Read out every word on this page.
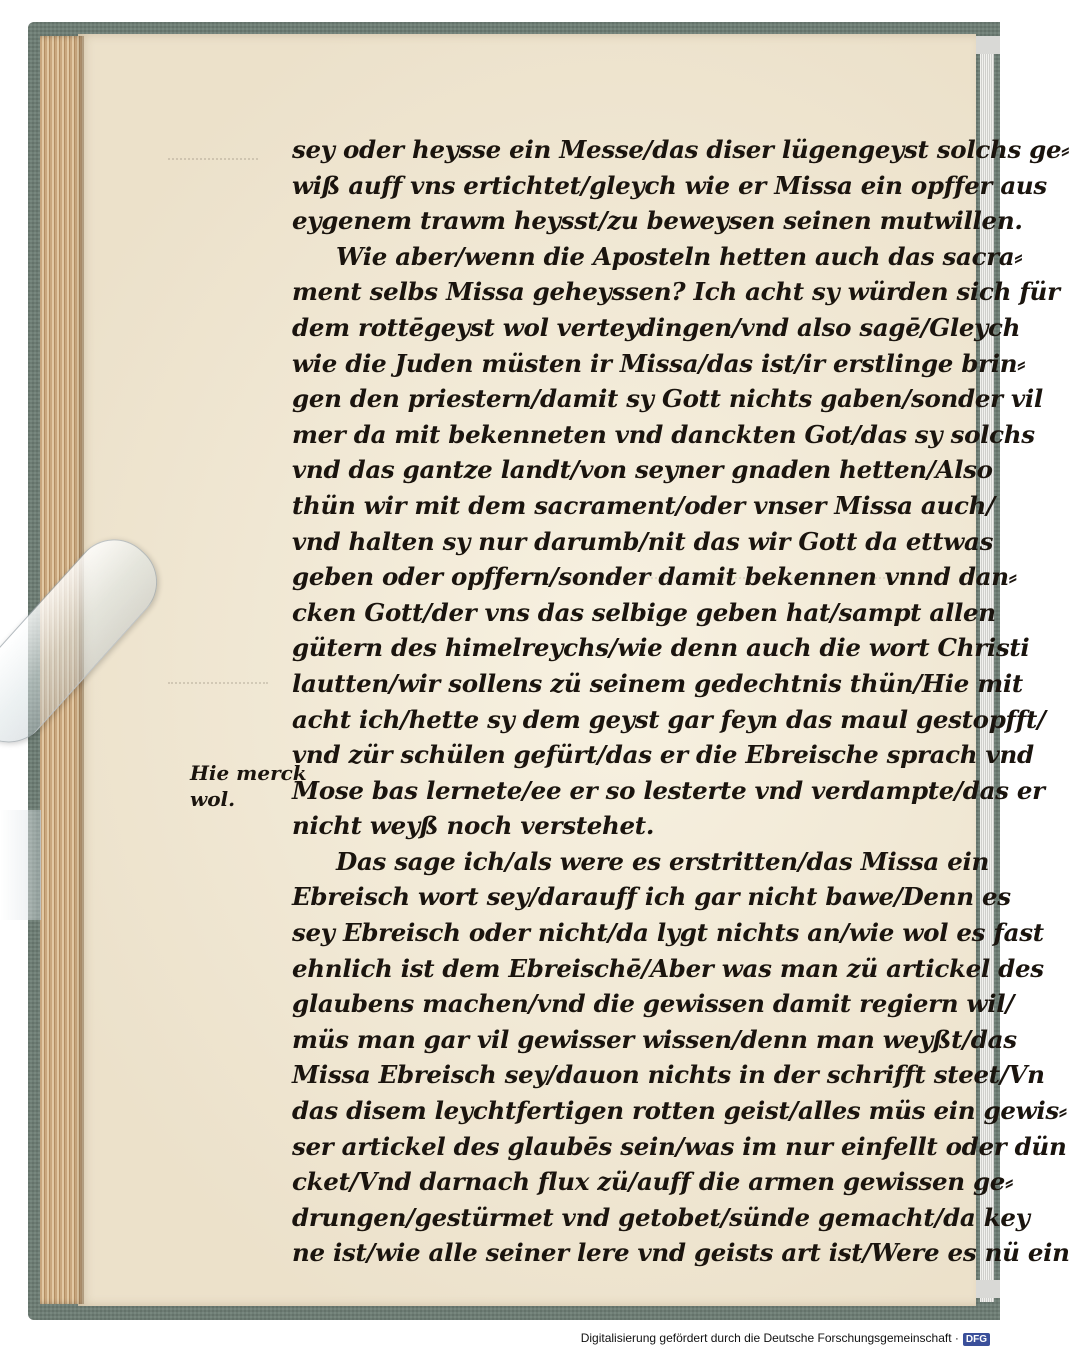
sey oder heysse ein Messe/das diser lügengeyst solchs ge⸗
wiß auff vns ertichtet/gleych wie er Missa ein opffer aus
eygenem trawm heysst/zu beweysen seinen mutwillen.
Wie aber/wenn die Aposteln hetten auch das sacra⸗
ment selbs Missa geheyssen? Ich acht sy würden sich für
dem rottēgeyst wol verteydingen/vnd also sagē/Gleych
wie die Juden müsten ir Missa/das ist/ir erstlinge brin⸗
gen den priestern/damit sy Gott nichts gaben/sonder vil
mer da mit bekenneten vnd danckten Got/das sy solchs
vnd das gantze landt/von seyner gnaden hetten/Also
thün wir mit dem sacrament/oder vnser Missa auch/
vnd halten sy nur darumb/nit das wir Gott da ettwas
geben oder opffern/sonder damit bekennen vnnd dan⸗
cken Gott/der vns das selbige geben hat/sampt allen
gütern des himelreychs/wie denn auch die wort Christi
lautten/wir sollens zü seinem gedechtnis thün/Hie mit
acht ich/hette sy dem geyst gar feyn das maul gestopfft/
vnd zür schülen gefürt/das er die Ebreische sprach vnd
Mose bas lernete/ee er so lesterte vnd verdampte/das er
nicht weyß noch verstehet.
Das sage ich/als were es erstritten/das Missa ein
Ebreisch wort sey/darauff ich gar nicht bawe/Denn es
sey Ebreisch oder nicht/da lygt nichts an/wie wol es fast
ehnlich ist dem Ebreischē/Aber was man zü artickel des
glaubens machen/vnd die gewissen damit regiern wil/
müs man gar vil gewisser wissen/denn man weyßt/das
Missa Ebreisch sey/dauon nichts in der schrifft steet/Vn
das disem leychtfertigen rotten geist/alles müs ein gewis⸗
ser artickel des glaubēs sein/was im nur einfellt oder dün
cket/Vnd darnach flux zü/auff die armen gewissen ge⸗
drungen/gestürmet vnd getobet/sünde gemacht/da key
ne ist/wie alle seiner lere vnd geists art ist/Were es nü ein
Hie merck
wol.
Digitalisierung gefördert durch die Deutsche Forschungsgemeinschaft · DFG
